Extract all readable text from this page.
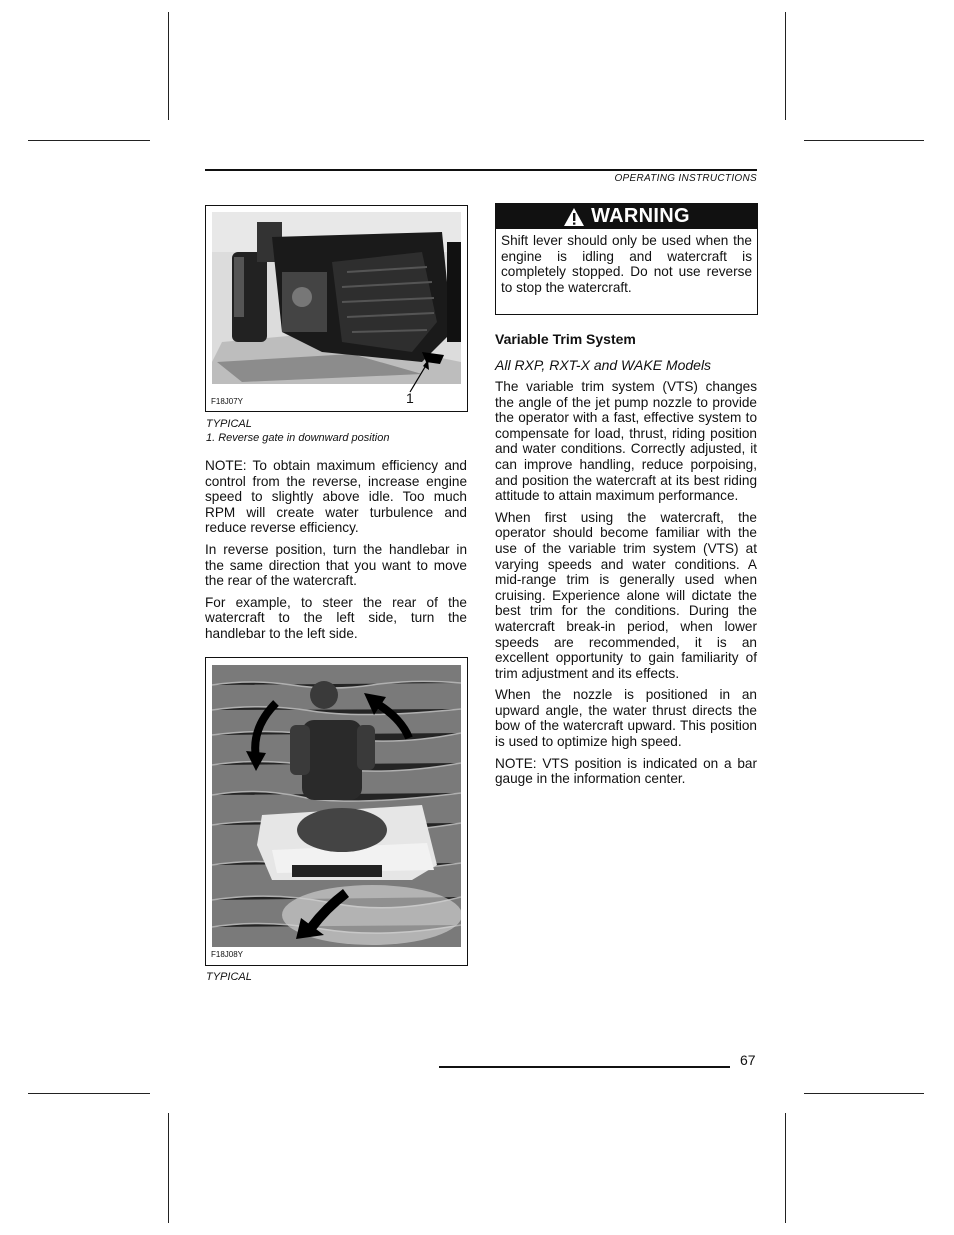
OPERATING INSTRUCTIONS
1
F18J07Y
TYPICAL
1. Reverse gate in downward position

NOTE: To obtain maximum efficiency and control from the reverse, increase engine speed to slightly above idle. Too much RPM will create water turbulence and reduce reverse efficiency.

In reverse position, turn the handlebar in the same direction that you want to move the rear of the watercraft.

For example, to steer the rear of the watercraft to the left side, turn the handlebar to the left side.

F18J08Y
TYPICAL
WARNING
Shift lever should only be used when the engine is idling and watercraft is completely stopped. Do not use reverse to stop the watercraft.
Variable Trim System
All RXP, RXT-X and WAKE Models

The variable trim system (VTS) changes the angle of the jet pump nozzle to provide the operator with a fast, effective system to compensate for load, thrust, riding position and water conditions. Correctly adjusted, it can improve handling, reduce porpoising, and position the watercraft at its best riding attitude to attain maximum performance.

When first using the watercraft, the operator should become familiar with the use of the variable trim system (VTS) at varying speeds and water conditions. A mid-range trim is generally used when cruising. Experience alone will dictate the best trim for the conditions. During the watercraft break-in period, when lower speeds are recommended, it is an excellent opportunity to gain familiarity of trim adjustment and its effects.

When the nozzle is positioned in an upward angle, the water thrust directs the bow of the watercraft upward. This position is used to optimize high speed.

NOTE: VTS position is indicated on a bar gauge in the information center.

67
